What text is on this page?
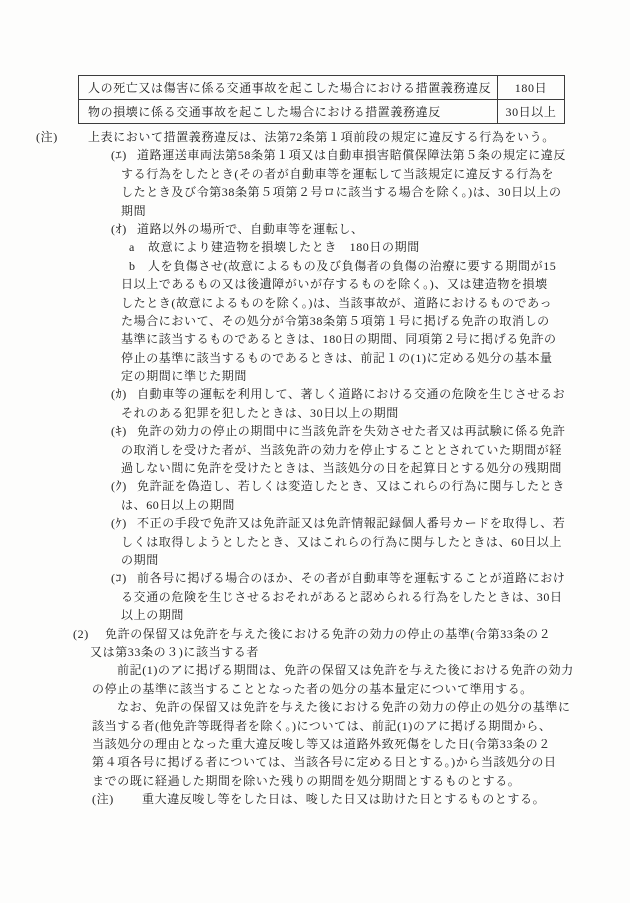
人の死亡又は傷害に係る交通事故を起こした場合における措置義務違反	180日
物の損壊に係る交通事故を起こした場合における措置義務違反	30日以上
(注)	上表において措置義務違反は、法第72条第１項前段の規定に違反する行為をいう。
(ｴ) 道路運送車両法第58条第１項又は自動車損害賠償保障法第５条の規定に違反
する行為をしたとき(その者が自動車等を運転して当該規定に違反する行為を
したとき及び令第38条第５項第２号ロに該当する場合を除く。)は、30日以上の
期間
(ｵ) 道路以外の場所で、自動車等を運転し、
a 故意により建造物を損壊したとき　180日の期間
b 人を負傷させ(故意によるもの及び負傷者の負傷の治療に要する期間が15
日以上であるもの又は後遺障がいが存するものを除く。)、又は建造物を損壊
したとき(故意によるものを除く。)は、当該事故が、道路におけるものであっ
た場合において、その処分が令第38条第５項第１号に掲げる免許の取消しの
基準に該当するものであるときは、180日の期間、同項第２号に掲げる免許の
停止の基準に該当するものであるときは、前記１の(1)に定める処分の基本量
定の期間に準じた期間
(ｶ) 自動車等の運転を利用して、著しく道路における交通の危険を生じさせるお
それのある犯罪を犯したときは、30日以上の期間
(ｷ) 免許の効力の停止の期間中に当該免許を失効させた者又は再試験に係る免許
の取消しを受けた者が、当該免許の効力を停止することとされていた期間が経
過しない間に免許を受けたときは、当該処分の日を起算日とする処分の残期間
(ｸ) 免許証を偽造し、若しくは変造したとき、又はこれらの行為に関与したとき
は、60日以上の期間
(ｹ) 不正の手段で免許又は免許証又は免許情報記録個人番号カードを取得し、若
しくは取得しようとしたとき、又はこれらの行為に関与したときは、60日以上
の期間
(ｺ) 前各号に掲げる場合のほか、その者が自動車等を運転することが道路におけ
る交通の危険を生じさせるおそれがあると認められる行為をしたときは、30日
以上の期間
(2) 免許の保留又は免許を与えた後における免許の効力の停止の基準(令第33条の２
又は第33条の３)に該当する者
前記(1)のアに掲げる期間は、免許の保留又は免許を与えた後における免許の効力
の停止の基準に該当することとなった者の処分の基本量定について準用する。
なお、免許の保留又は免許を与えた後における免許の効力の停止の処分の基準に
該当する者(他免許等既得者を除く。)については、前記(1)のアに掲げる期間から、
当該処分の理由となった重大違反唆し等又は道路外致死傷をした日(令第33条の２
第４項各号に掲げる者については、当該各号に定める日とする。)から当該処分の日
までの既に経過した期間を除いた残りの期間を処分期間とするものとする。
(注) 重大違反唆し等をした日は、唆した日又は助けた日とするものとする。
